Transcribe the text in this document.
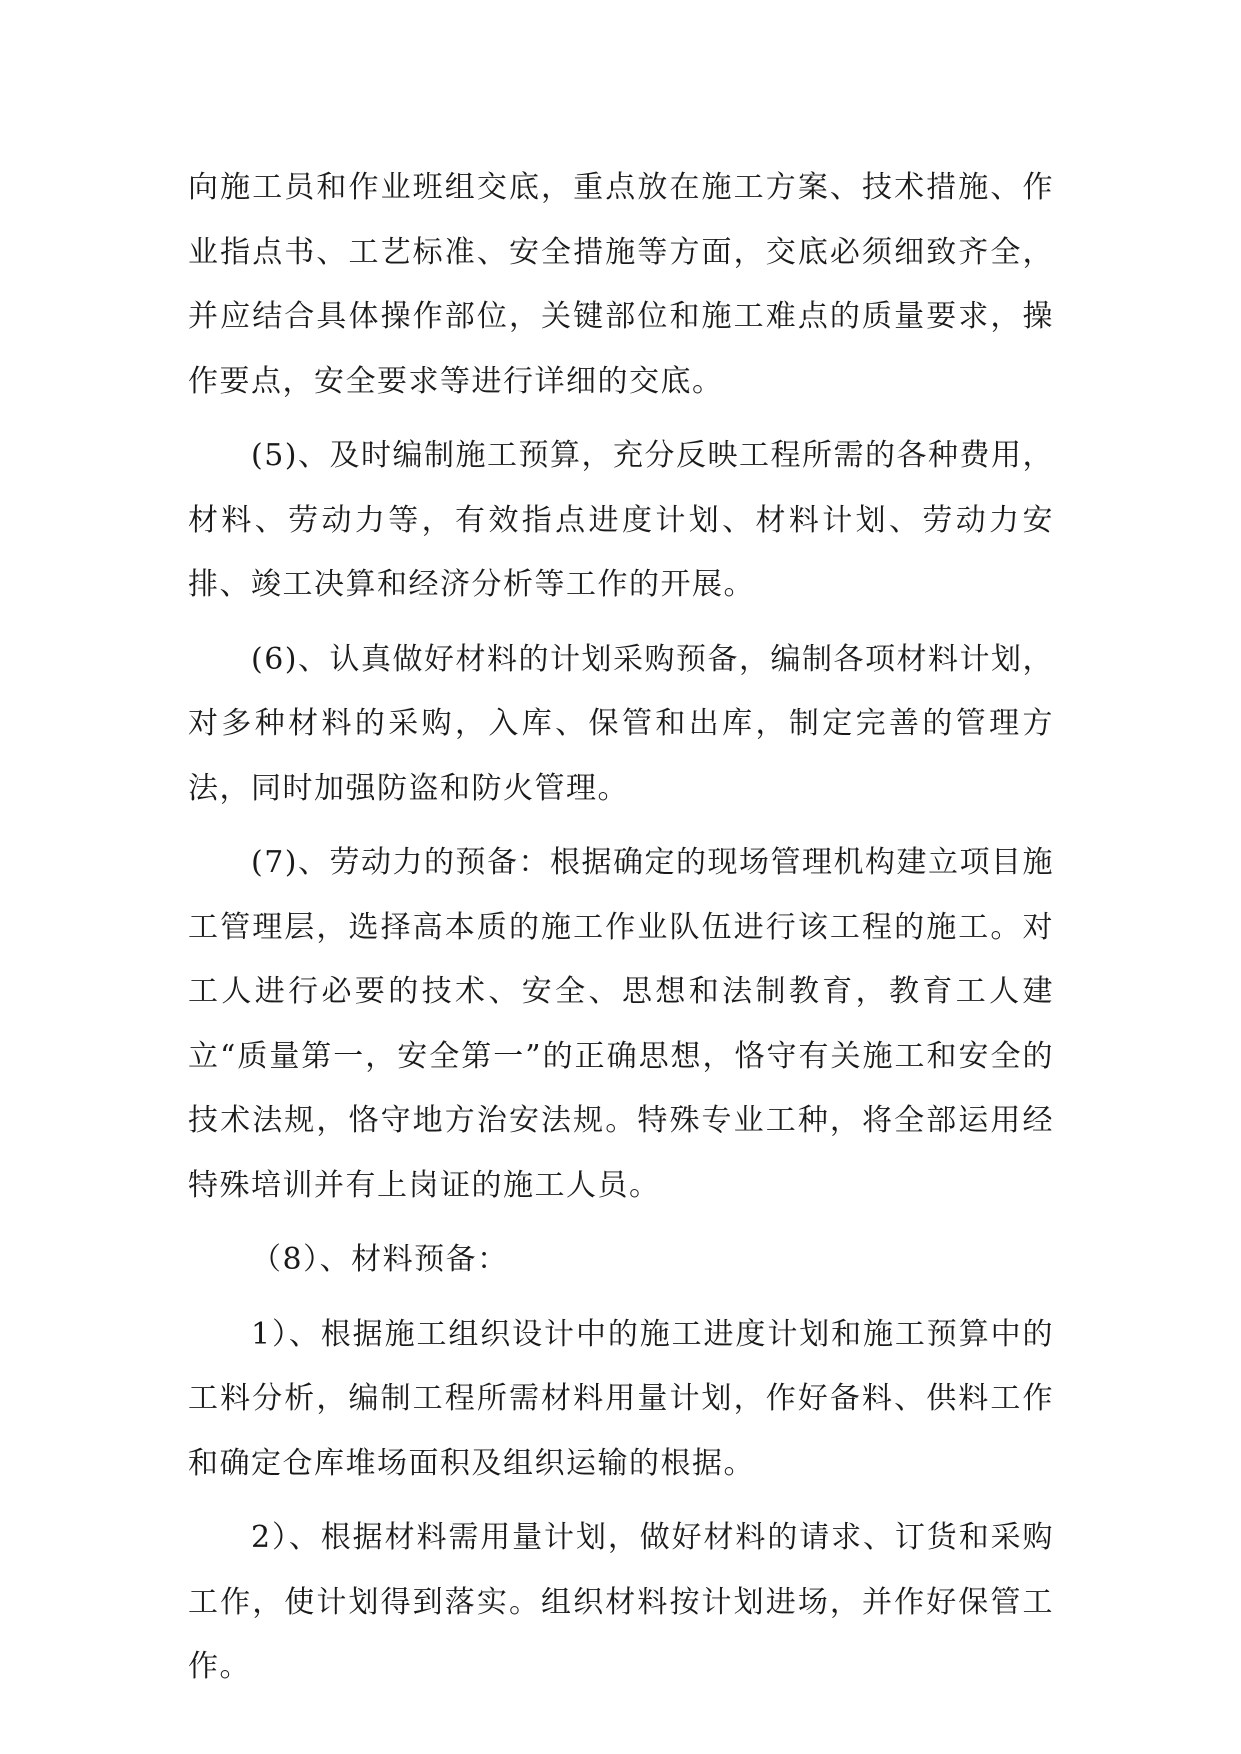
向施工员和作业班组交底，重点放在施工方案、技术措施、作业指点书、工艺标准、安全措施等方面，交底必须细致齐全，并应结合具体操作部位，关键部位和施工难点的质量要求，操作要点，安全要求等进行详细的交底。

(5)、及时编制施工预算，充分反映工程所需的各种费用，材料、劳动力等，有效指点进度计划、材料计划、劳动力安排、竣工决算和经济分析等工作的开展。

(6)、认真做好材料的计划采购预备，编制各项材料计划，对多种材料的采购，入库、保管和出库，制定完善的管理方法，同时加强防盗和防火管理。

(7)、劳动力的预备：根据确定的现场管理机构建立项目施工管理层，选择高本质的施工作业队伍进行该工程的施工。对工人进行必要的技术、安全、思想和法制教育，教育工人建立“质量第一，安全第一”的正确思想，恪守有关施工和安全的技术法规，恪守地方治安法规。特殊专业工种，将全部运用经特殊培训并有上岗证的施工人员。

（8）、材料预备：

1）、根据施工组织设计中的施工进度计划和施工预算中的工料分析，编制工程所需材料用量计划，作好备料、供料工作和确定仓库堆场面积及组织运输的根据。

2）、根据材料需用量计划，做好材料的请求、订货和采购工作，使计划得到落实。组织材料按计划进场，并作好保管工作。
